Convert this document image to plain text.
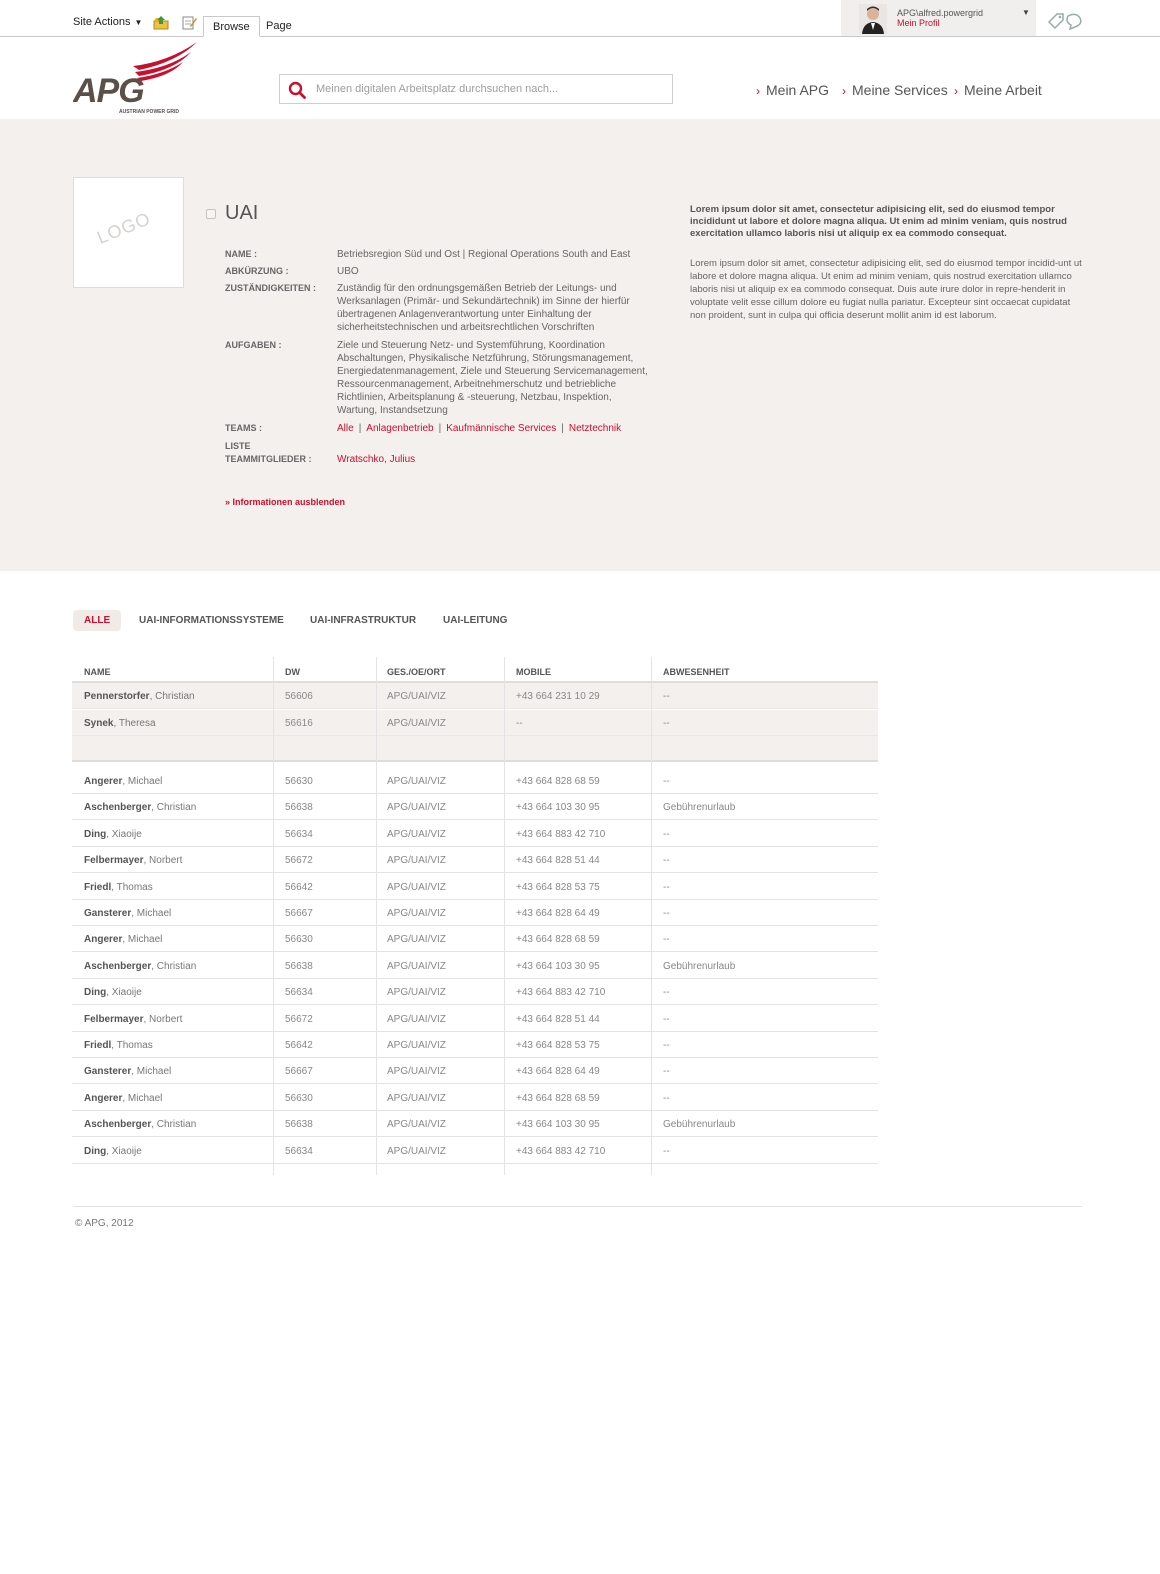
Site Actions ▼	Browse	Page
APG\alfred.powergrid
Mein Profil
▼
APG
AUSTRIAN POWER GRID
Meinen digitalen Arbeitsplatz durchsuchen nach...
› Mein APG › Meine Services › Meine Arbeit
LOGO	UAI
NAME :	Betriebsregion Süd und Ost | Regional Operations South and East
ABKÜRZUNG :	UBO
ZUSTÄNDIGKEITEN : Zuständig für den ordnungsgemäßen Betrieb der Leitungs- und Werksanlagen (Primär- und Sekundärtechnik) im Sinne der hierfür übertragenen Anlagenverantwortung unter Einhaltung der sicherheitstechnischen und arbeitsrechtlichen Vorschriften
AUFGABEN :	Ziele und Steuerung Netz- und Systemführung, Koordination Abschaltungen, Physikalische Netzführung, Störungsmanagement, Energiedatenmanagement, Ziele und Steuerung Servicemanagement, Ressourcenmanagement, Arbeitnehmerschutz und betriebliche Richtlinien, Arbeitsplanung & -steuerung, Netzbau, Inspektion, Wartung, Instandsetzung
TEAMS :	Alle | Anlagenbetrieb | Kaufmännische Services | Netztechnik
LISTE
TEAMMITGLIEDER :	Wratschko, Julius
» Informationen ausblenden
Lorem ipsum dolor sit amet, consectetur adipisicing elit, sed do eiusmod tempor incididunt ut labore et dolore magna aliqua. Ut enim ad minim veniam, quis nostrud exercitation ullamco laboris nisi ut aliquip ex ea commodo consequat.
Lorem ipsum dolor sit amet, consectetur adipisicing elit, sed do eiusmod tempor incidid-unt ut labore et dolore magna aliqua. Ut enim ad minim veniam, quis nostrud exercitation ullamco laboris nisi ut aliquip ex ea commodo consequat. Duis aute irure dolor in repre-henderit in voluptate velit esse cillum dolore eu fugiat nulla pariatur. Excepteur sint occaecat cupidatat non proident, sunt in culpa qui officia deserunt mollit anim id est laborum.
ALLE	UAI-INFORMATIONSSYSTEME	UAI-INFRASTRUKTUR	UAI-LEITUNG
NAME	DW	GES./OE/ORT	MOBILE	ABWESENHEIT
Pennerstorfer, Christian	56606	APG/UAI/VIZ	+43 664 231 10 29	--
Synek, Theresa	56616	APG/UAI/VIZ	--	--
Angerer, Michael	56630	APG/UAI/VIZ	+43 664 828 68 59	--
Aschenberger, Christian	56638	APG/UAI/VIZ	+43 664 103 30 95	Gebührenurlaub
Ding, Xiaoije	56634	APG/UAI/VIZ	+43 664 883 42 710	--
Felbermayer, Norbert	56672	APG/UAI/VIZ	+43 664 828 51 44	--
Friedl, Thomas	56642	APG/UAI/VIZ	+43 664 828 53 75	--
Gansterer, Michael	56667	APG/UAI/VIZ	+43 664 828 64 49	--
Angerer, Michael	56630	APG/UAI/VIZ	+43 664 828 68 59	--
Aschenberger, Christian	56638	APG/UAI/VIZ	+43 664 103 30 95	Gebührenurlaub
Ding, Xiaoije	56634	APG/UAI/VIZ	+43 664 883 42 710	--
Felbermayer, Norbert	56672	APG/UAI/VIZ	+43 664 828 51 44	--
Friedl, Thomas	56642	APG/UAI/VIZ	+43 664 828 53 75	--
Gansterer, Michael	56667	APG/UAI/VIZ	+43 664 828 64 49	--
Angerer, Michael	56630	APG/UAI/VIZ	+43 664 828 68 59	--
Aschenberger, Christian	56638	APG/UAI/VIZ	+43 664 103 30 95	Gebührenurlaub
Ding, Xiaoije	56634	APG/UAI/VIZ	+43 664 883 42 710	--
© APG, 2012
